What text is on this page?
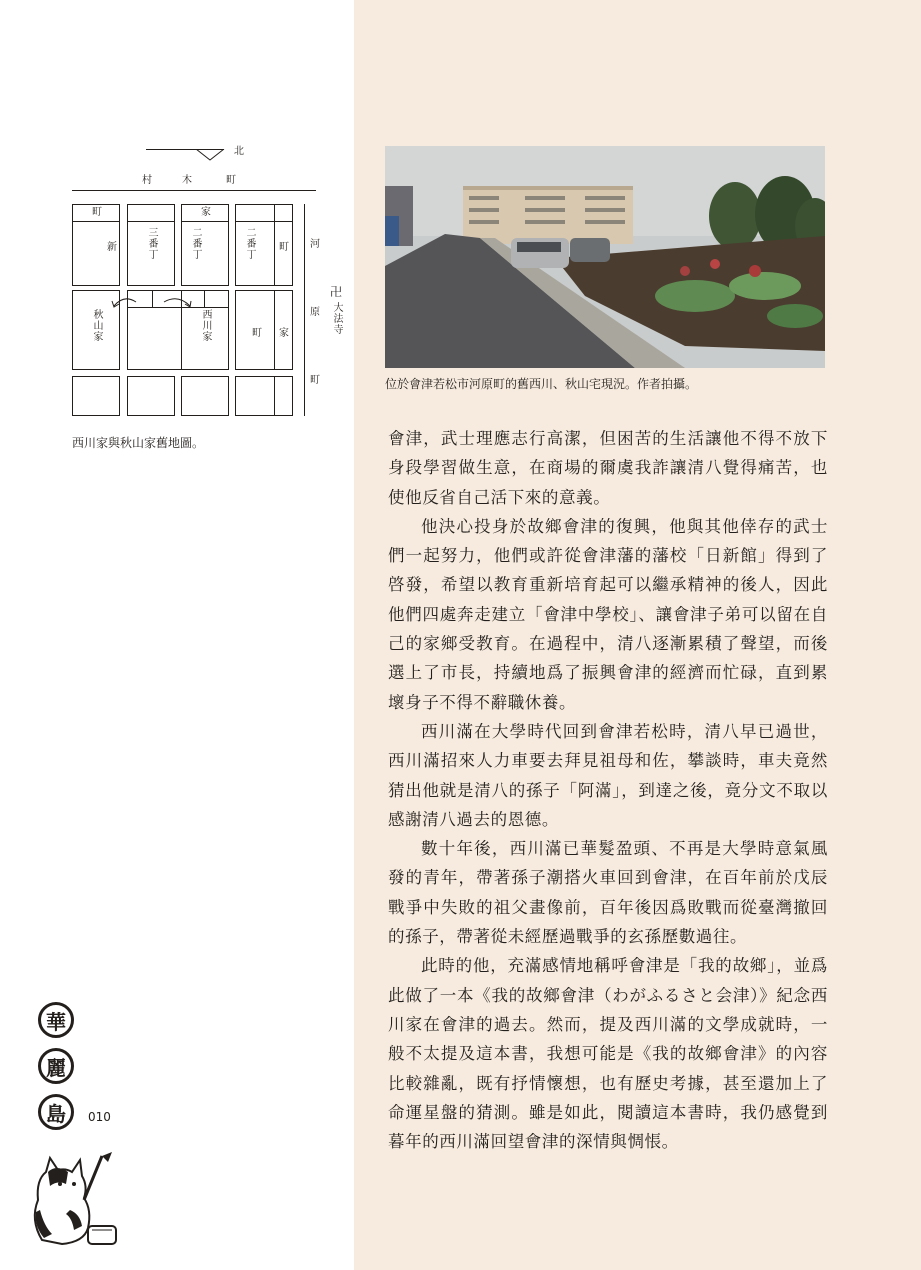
北
村	木	町
町
新	三番丁
家
二番丁	二番丁 町
秋山家	西川家	町 家
河
原
町
卍
大法寺
西川家與秋山家舊地圖。
位於會津若松市河原町的舊西川、秋山宅現況。作者拍攝。

會津，武士理應志行高潔，但困苦的生活讓他不得不放下身段學習做生意，在商場的爾虞我詐讓清八覺得痛苦，也使他反省自己活下來的意義。

他決心投身於故鄉會津的復興，他與其他倖存的武士們一起努力，他們或許從會津藩的藩校「日新館」得到了啓發，希望以教育重新培育起可以繼承精神的後人，因此他們四處奔走建立「會津中學校」、讓會津子弟可以留在自己的家鄉受教育。在過程中，清八逐漸累積了聲望，而後選上了市長，持續地爲了振興會津的經濟而忙碌，直到累壞身子不得不辭職休養。

西川滿在大學時代回到會津若松時，清八早已過世，西川滿招來人力車要去拜見祖母和佐，攀談時，車夫竟然猜出他就是清八的孫子「阿滿」，到達之後，竟分文不取以感謝清八過去的恩德。

數十年後，西川滿已華髮盈頭、不再是大學時意氣風發的青年，帶著孫子潮搭火車回到會津，在百年前於戊辰戰爭中失敗的祖父畫像前，百年後因爲敗戰而從臺灣撤回的孫子，帶著從未經歷過戰爭的玄孫歷數過往。

此時的他，充滿感情地稱呼會津是「我的故鄉」，並爲此做了一本《我的故鄉會津（わがふるさと会津）》紀念西川家在會津的過去。然而，提及西川滿的文學成就時，一般不太提及這本書，我想可能是《我的故鄉會津》的內容比較雜亂，既有抒情懷想，也有歷史考據，甚至還加上了命運星盤的猜測。雖是如此，閱讀這本書時，我仍感覺到暮年的西川滿回望會津的深情與惆悵。

華
麗
島	010
